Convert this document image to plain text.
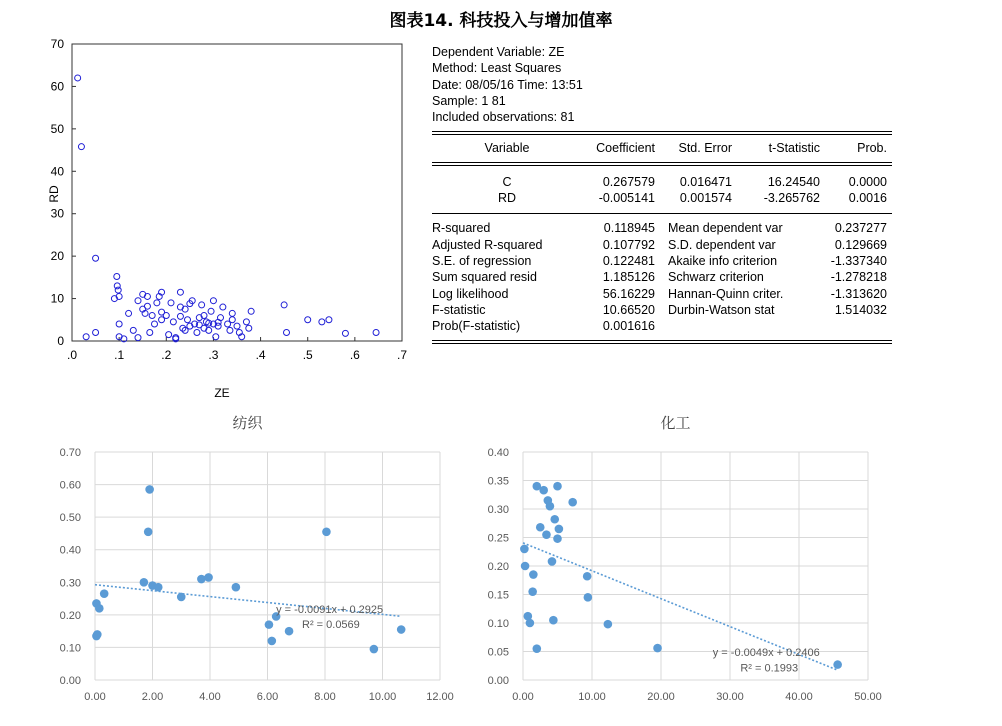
图表14. 科技投入与增加值率
0
10
20
30
40
50
60
70
.0	.1	.2	.3	.4	.5	.6	.7
ZE
RD
Dependent Variable: ZE
Method: Least Squares
Date: 08/05/16 Time: 13:51
Sample: 1 81
Included observations: 81
Variable	Coefficient Std. Error	t-Statistic	Prob.
C	0.267579 0.016471	16.24540 0.0000
RD	-0.005141 0.001574	-3.265762 0.0016
R-squared	0.118945 Mean dependent var	0.237277
Adjusted R-squared	0.107792 S.D. dependent var	0.129669
S.E. of regression	0.122481 Akaike info criterion	-1.337340
Sum squared resid	1.185126 Schwarz criterion	-1.278218
Log likelihood	56.16229 Hannan-Quinn criter.	-1.313620
F-statistic	10.66520 Durbin-Watson stat	1.514032
Prob(F-statistic)	0.001616
纺织
0.00
0.10
0.20
0.30
0.40
0.50
0.60
0.70
0.00	2.00	4.00	6.00	8.00	10.00	12.00
y = -0.0091x + 0.2925
R² = 0.0569
化工
0.00
0.05
0.10
0.15
0.20
0.25
0.30
0.35
0.40
0.00	10.00	20.00	30.00	40.00	50.00
y = -0.0049x + 0.2406
R² = 0.1993
